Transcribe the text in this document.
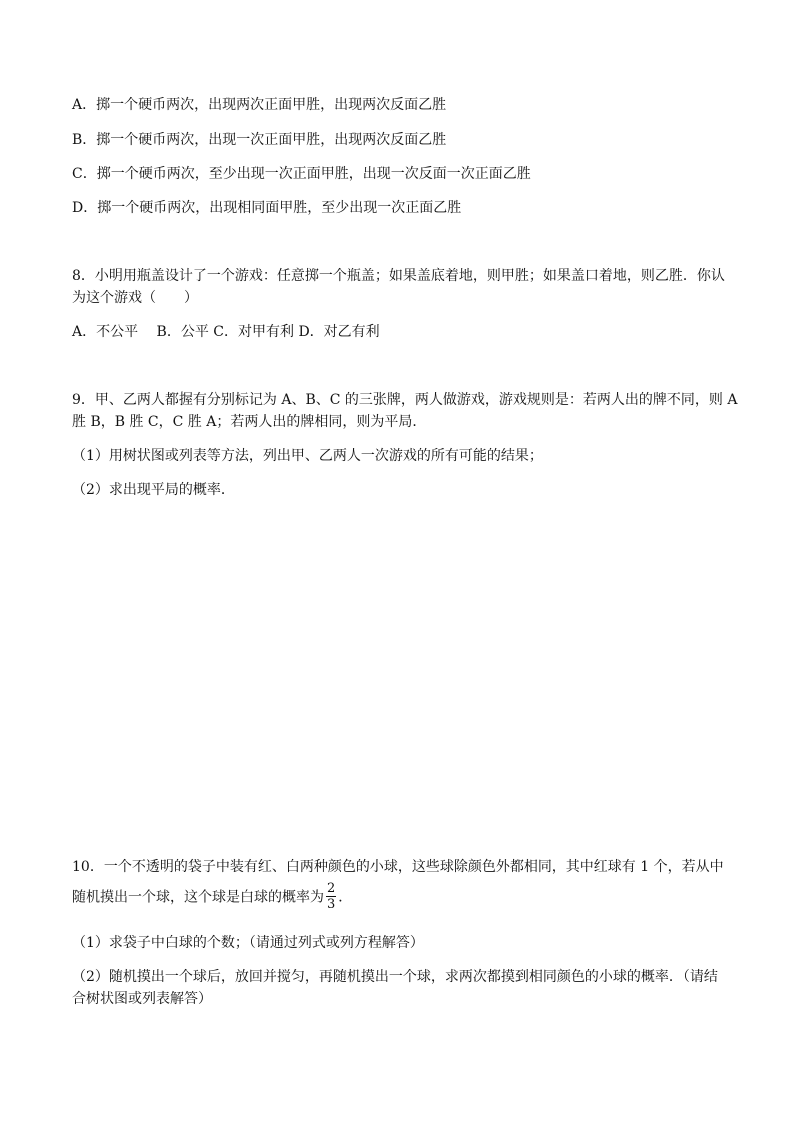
A．掷一个硬币两次，出现两次正面甲胜，出现两次反面乙胜
B．掷一个硬币两次，出现一次正面甲胜，出现两次反面乙胜
C．掷一个硬币两次，至少出现一次正面甲胜，出现一次反面一次正面乙胜
D．掷一个硬币两次，出现相同面甲胜，至少出现一次正面乙胜
8．小明用瓶盖设计了一个游戏：任意掷一个瓶盖；如果盖底着地，则甲胜；如果盖口着地，则乙胜．你认
为这个游戏（　　）
A．不公平　 B．公平 C．对甲有利 D．对乙有利
9．甲、乙两人都握有分别标记为 A、B、C 的三张牌，两人做游戏，游戏规则是：若两人出的牌不同，则 A
胜 B，B 胜 C，C 胜 A；若两人出的牌相同，则为平局．
（1）用树状图或列表等方法，列出甲、乙两人一次游戏的所有可能的结果；
（2）求出现平局的概率．
10．一个不透明的袋子中装有红、白两种颜色的小球，这些球除颜色外都相同，其中红球有 1 个，若从中
随机摸出一个球，这个球是白球的概率为 $\frac{2}{3}$ ．
（1）求袋子中白球的个数；（请通过列式或列方程解答）
（2）随机摸出一个球后，放回并搅匀，再随机摸出一个球，求两次都摸到相同颜色的小球的概率．（请结
合树状图或列表解答）
